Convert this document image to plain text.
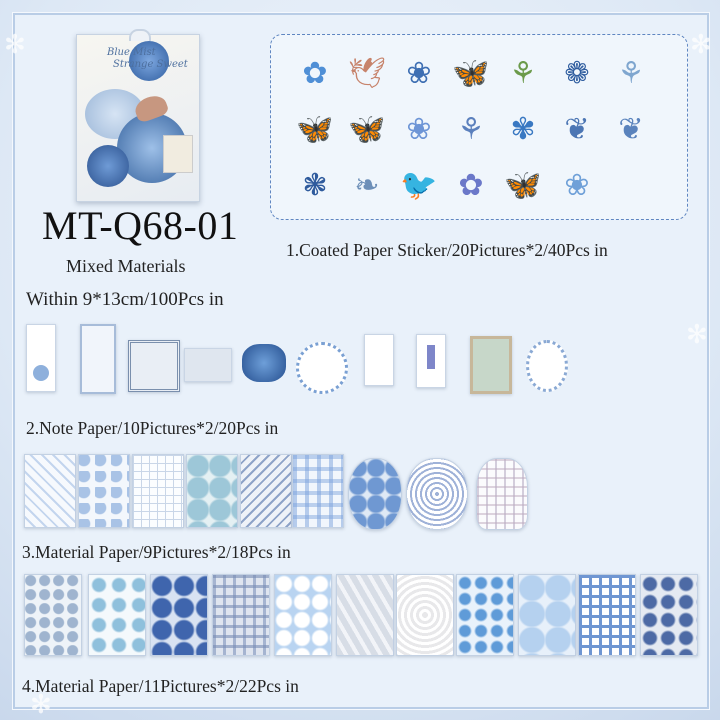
✻
✻
✻
✻
Blue Mist
Strange Sweet
MT-Q68-01
Mixed Materials
Within 9*13cm/100Pcs in
✿ 🕊 ❀ 🦋 ⚘ ❁ ⚘
🦋 🦋 ❀ ⚘ ✾ ❦ ❦
❃ ❧ 🐦 ✿ 🦋 ❀
1.Coated Paper Sticker/20Pictures*2/40Pcs in
2.Note Paper/10Pictures*2/20Pcs in
3.Material Paper/9Pictures*2/18Pcs in
4.Material Paper/11Pictures*2/22Pcs in
